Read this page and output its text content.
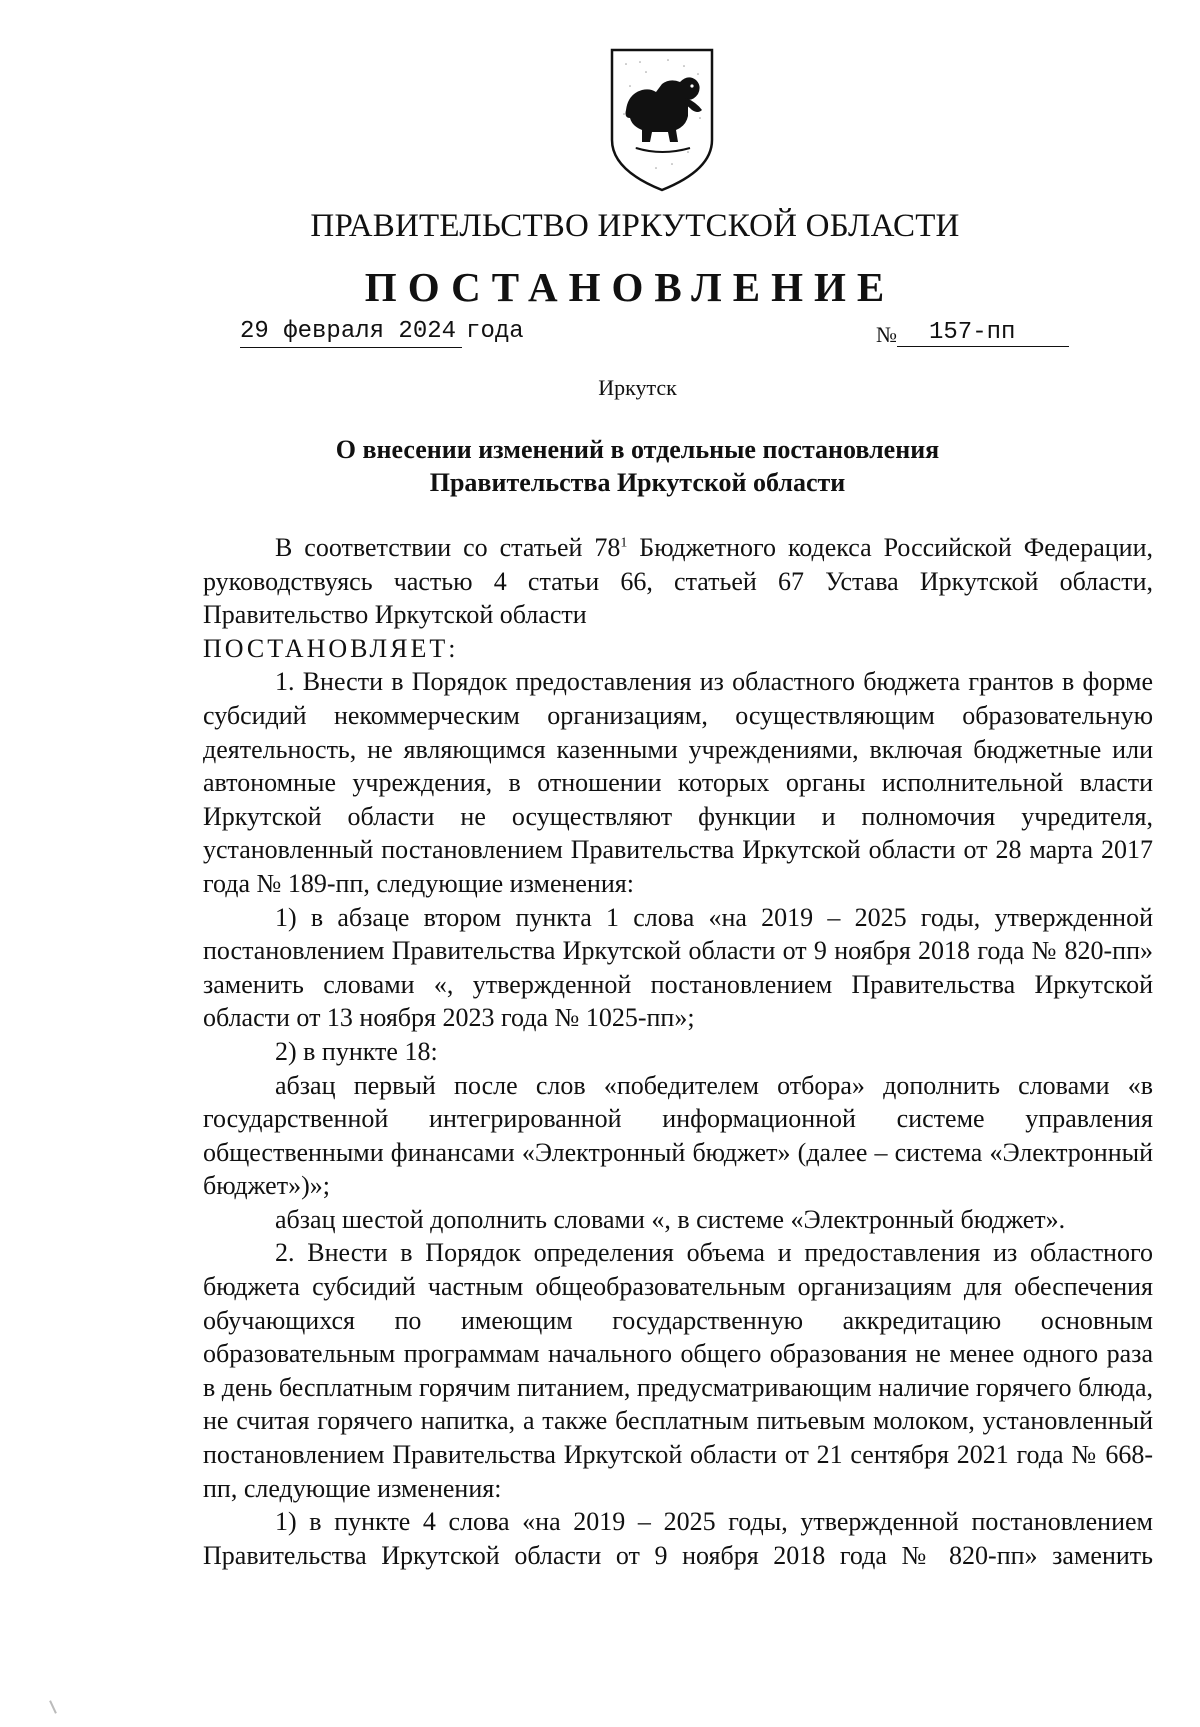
ПРАВИТЕЛЬСТВО ИРКУТСКОЙ ОБЛАСТИ
ПОСТАНОВЛЕНИЕ
29 февраля 2024 года	№ 157-пп
Иркутск
О внесении изменений в отдельные постановления
Правительства Иркутской области

В соответствии со статьей $78^1$ Бюджетного кодекса Российской Федерации, руководствуясь частью 4 статьи 66, статьей 67 Устава Иркутской области, Правительство Иркутской области

ПОСТАНОВЛЯЕТ:

1. Внести в Порядок предоставления из областного бюджета грантов в форме субсидий некоммерческим организациям, осуществляющим образовательную деятельность, не являющимся казенными учреждениями, включая бюджетные или автономные учреждения, в отношении которых органы исполнительной власти Иркутской области не осуществляют функции и полномочия учредителя, установленный постановлением Правительства Иркутской области от 28 марта 2017 года № 189-пп, следующие изменения:

1) в абзаце втором пункта 1 слова «на 2019 – 2025 годы, утвержденной постановлением Правительства Иркутской области от 9 ноября 2018 года № 820-пп» заменить словами «, утвержденной постановлением Правительства Иркутской области от 13 ноября 2023 года № 1025-пп»;

2) в пункте 18:

абзац первый после слов «победителем отбора» дополнить словами «в государственной интегрированной информационной системе управления общественными финансами «Электронный бюджет» (далее – система «Электронный бюджет»)»;

абзац шестой дополнить словами «, в системе «Электронный бюджет».

2. Внести в Порядок определения объема и предоставления из областного бюджета субсидий частным общеобразовательным организациям для обеспечения обучающихся по имеющим государственную аккредитацию основным образовательным программам начального общего образования не менее одного раза в день бесплатным горячим питанием, предусматривающим наличие горячего блюда, не считая горячего напитка, а также бесплатным питьевым молоком, установленный постановлением Правительства Иркутской области от 21 сентября 2021 года № 668-пп, следующие изменения:

1) в пункте 4 слова «на 2019 – 2025 годы, утвержденной постановлением Правительства Иркутской области от 9 ноября 2018 года № 820-пп» заменить
